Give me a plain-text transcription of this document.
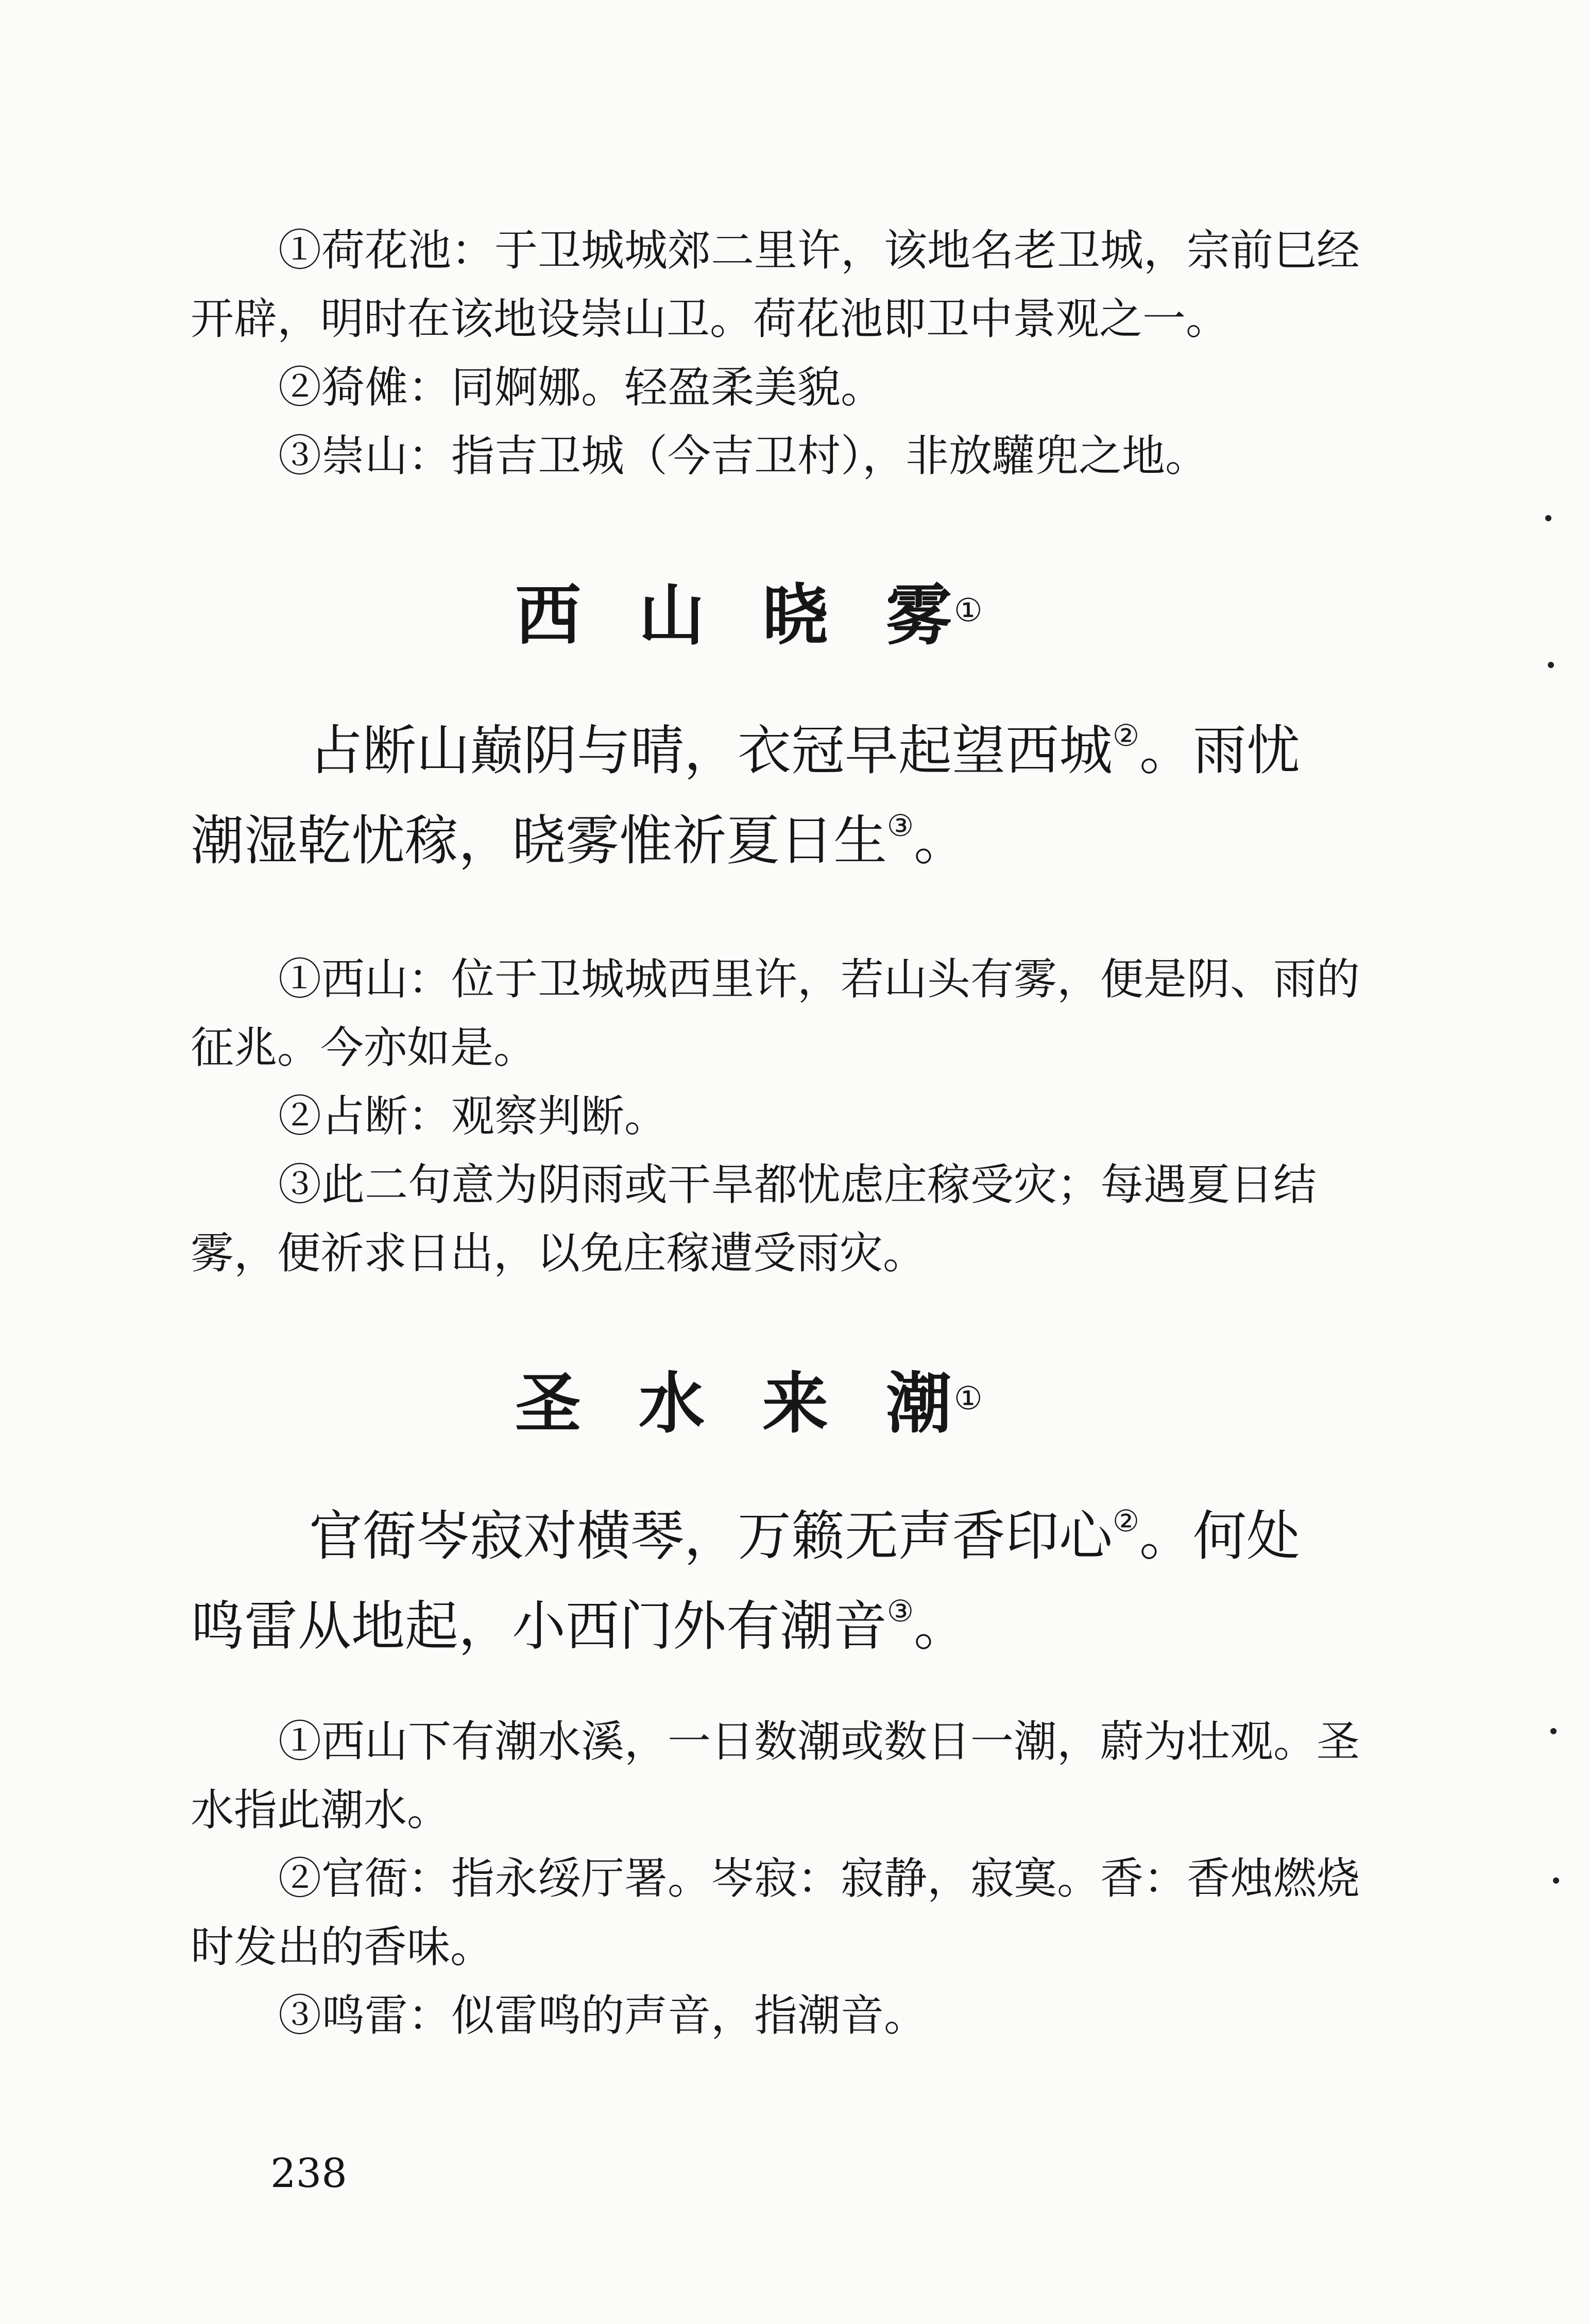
①荷花池：于卫城城郊二里许，该地名老卫城，宗前巳经开辟，明时在该地设崇山卫。荷花池即卫中景观之一。

②猗傩：同婀娜。轻盈柔美貌。

③崇山：指吉卫城（今吉卫村），非放驩兜之地。

西 山 晓 雾 ①

占断山巅阴与晴，衣冠早起望西城②。雨忧

潮湿乾忧稼，晓雾惟祈夏日生③。

①西山：位于卫城城西里许，若山头有雾，便是阴、雨的征兆。今亦如是。

②占断：观察判断。

③此二句意为阴雨或干旱都忧虑庄稼受灾；每遇夏日结雾，便祈求日出，以免庄稼遭受雨灾。

圣 水 来 潮 ①

官衙岑寂对横琴，万籁无声香印心②。何处

鸣雷从地起，小西门外有潮音③。

①西山下有潮水溪，一日数潮或数日一潮，蔚为壮观。圣水指此潮水。

②官衙：指永绥厅署。岑寂：寂静，寂寞。香：香烛燃烧时发出的香味。

③鸣雷：似雷鸣的声音，指潮音。

238
